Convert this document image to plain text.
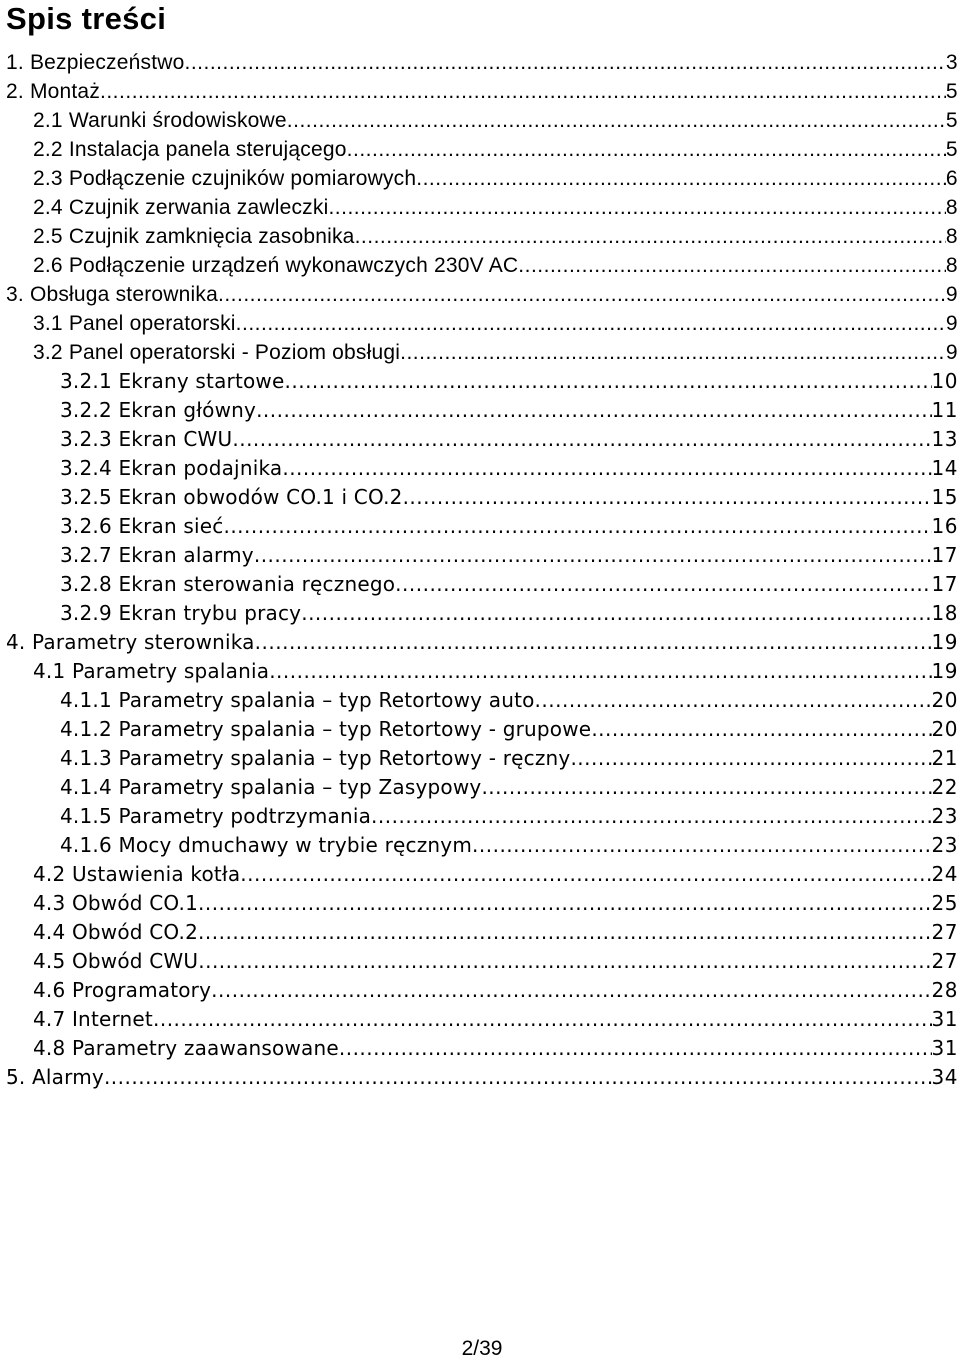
Spis treści
1. Bezpieczeństwo .....	3
2. Montaż .....	5
2.1 Warunki środowiskowe .....	5
2.2 Instalacja panela sterującego .....	5
2.3 Podłączenie czujników pomiarowych .....	6
2.4 Czujnik zerwania zawleczki .....	8
2.5 Czujnik zamknięcia zasobnika .....	8
2.6 Podłączenie urządzeń wykonawczych 230V AC .....	8
3. Obsługa sterownika .....	9
3.1 Panel operatorski .....	9
3.2 Panel operatorski - Poziom obsługi .....	9
3.2.1 Ekrany startowe .....	10
3.2.2 Ekran główny .....	11
3.2.3 Ekran CWU .....	13
3.2.4 Ekran podajnika .....	14
3.2.5 Ekran obwodów CO.1 i CO.2 .....	15
3.2.6 Ekran sieć .....	16
3.2.7 Ekran alarmy .....	17
3.2.8 Ekran sterowania ręcznego .....	17
3.2.9 Ekran trybu pracy .....	18
4. Parametry sterownika .....	19
4.1 Parametry spalania .....	19
4.1.1 Parametry spalania – typ Retortowy auto .....	20
4.1.2 Parametry spalania – typ Retortowy - grupowe .....	20
4.1.3 Parametry spalania – typ Retortowy - ręczny .....	21
4.1.4 Parametry spalania – typ Zasypowy .....	22
4.1.5 Parametry podtrzymania .....	23
4.1.6 Mocy dmuchawy w trybie ręcznym .....	23
4.2 Ustawienia kotła .....	24
4.3 Obwód CO.1 .....	25
4.4 Obwód CO.2 .....	27
4.5 Obwód CWU .....	27
4.6 Programatory .....	28
4.7 Internet .....	31
4.8 Parametry zaawansowane .....	31
5. Alarmy .....	34
2/39
